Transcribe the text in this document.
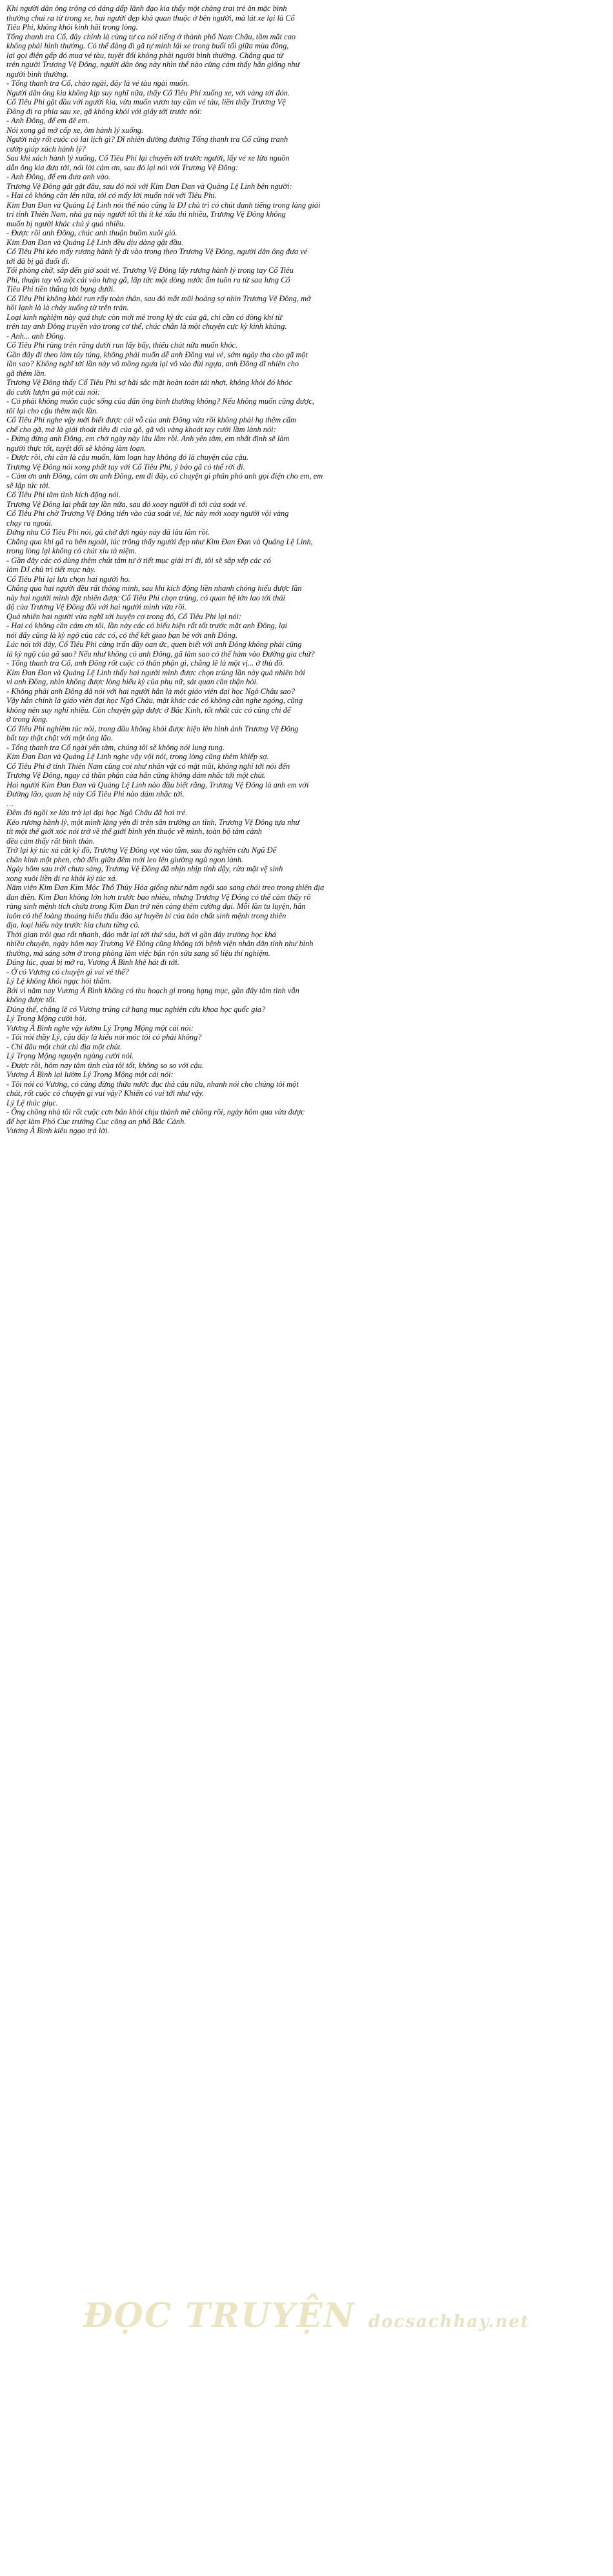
ÐỌC TRUYỆN docsachhay.net

Khi người dân ông trông có dáng dấp lãnh đạo kia thấy một chàng trai trẻ ăn mặc bình

thường chui ra từ trong xe, hai người đẹp khả quan thuộc ở bên người, mà lát xe lại là Cổ

Tiêu Phi, không khỏi kinh hãi trong lòng.

Tổng thanh tra Cổ, đây chính là cùng tư ca nói tiếng ở thành phố Nam Châu, tầm mắt cao

không phải hình thường. Có thể đàng đi gã tự minh lái xe trong buổi tối giữa mùa đông,

lại gọi điện gấp đó mua vé tàu, tuyệt đối không phải người bình thường. Chẳng qua từ

trên người Trương Vệ Đông, người dân ông này nhìn thế nào cũng cảm thấy hắn giống như

người bình thường.

- Tổng thanh tra Cổ, chào ngài, đây là vé tàu ngài muốn.

Người dân ông kia không kịp suy nghĩ nữa, thấy Cổ Tiêu Phi xuống xe, với vàng tới đón.

Cổ Tiêu Phi gật đầu với người kia, vừa muốn vươn tay cầm vé tàu, liền thấy Trương Vệ

Đông đi ra phía sau xe, gã không khói với giây tới trước nói:

- Anh Đông, để em đê em.

Nói xong gã mở cốp xe, ôm hành lý xuống.

Người này rốt cuộc có lai lịch gì? Dĩ nhiên đường đường Tổng thanh tra Cổ cũng tranh

cướp giúp xách hành lý?

Sau khi xách hành lý xuống, Cổ Tiêu Phi lại chuyển tới trước người, lấy vé xe lửa nguồn

dẫn ông kia đưa tới, nói lời cảm ơn, sau đó lại nói với Trương Vệ Đông:

- Anh Đông, để em đưa anh vào.

Trương Vệ Đông gật gật đầu, sau đó nói với Kim Đan Đan và Quảng Lệ Linh bên người:

- Hai cô không cần lên nữa, tôi có mấy lời muốn nói với Tiêu Phi.

Kim Đan Đan và Quảng Lệ Linh nói thế nào cũng là DJ chủ trì có chút danh tiếng trong làng giải

trí tỉnh Thiên Nam, nhà ga này người tốt thì ít kẻ xấu thì nhiều, Trương Vệ Đông không

muốn bị người khác chú ý quá nhiều.

- Được rồi anh Đông, chúc anh thuận buồm xuôi gió.

Kim Đan Đan và Quảng Lệ Linh đều dịu dàng gật đầu.

Cổ Tiêu Phi kéo mấy rương hành lý đi vào trong theo Trương Vệ Đông, người dân ông đưa vé

tới đã bị gã đuổi đi.

Tối phòng chờ, sắp đến giờ soát vé. Trương Vệ Đông lấy rương hành lý trong tay Cổ Tiêu

Phi, thuận tay vỗ một cái vào lưng gã, lấp tức một dòng nước ấm tuôn ra từ sau lưng Cổ

Tiêu Phi tiền thẳng tới bụng dưới.

Cổ Tiêu Phi không khỏi run rẩy toàn thân, sau đó mắt mũi hoảng sợ nhìn Trương Vệ Đông, mở

hồi lạnh là là chảy xuống từ trên trán.

Loại kinh nghiệm này quá thực còn mới mẻ trong kỷ ức của gã, chi cần có dòng khí từ

trên tay anh Đông truyền vào trong cơ thể, chúc chắn là một chuyện cực kỳ kinh khủng.

- Anh... anh Đông.

Cổ Tiêu Phi rùng trên răng dưới run lấy bấy, thiếu chút nữa muốn khóc.

Gần đây đi theo làm túy túng, không phải muốn dễ anh Đông vui vẻ, sớm ngày tha cho gã một

lần sao? Không nghĩ tới lần này vô mồng ngưa lại vô vào đùi ngựa, anh Đông dĩ nhiên cho

gã thêm lần.

Trương Vệ Đông thấy Cổ Tiêu Phi sợ hãi sắc mặt hoàn toàn tái nhợt, không khỏi đó khóc

đó cười lượm gã một cái nói:

- Có phải không muốn cuộc sống của dân ông bình thường không? Nếu không muốn cũng được,

tôi lại cho cậu thêm một lần.

Cổ Tiêu Phi nghe vậy mới biết được cái vỗ của anh Đông vừa rồi không phải hạ thêm cấm

chế cho gã, mà là giải thoát tiêu đi của gõ, gã vội vàng khoát tay cười lầm lành nói:

- Đừng đừng anh Đông, em chờ ngày này lâu lắm rồi. Anh yên tâm, em nhất định sẽ làm

người thực tốt, tuyệt đối sẽ không làm loạn.

- Được rồi, chi cần là cậu muốn, làm loạn hay không đó là chuyện của cậu.

Trương Vệ Đông nói xong phất tay với Cổ Tiêu Phi, ý bảo gã có thể rời đi.

- Cảm ơn anh Đông, cảm ơn anh Đông, em đi đây, có chuyện gì phân phó anh gọi điện cho em, em

sẽ lập tức tới.

Cổ Tiêu Phi tâm tình kích động nói.

Trương Vệ Đông lại phất tay lần nữa, sau đó xoay người đi tới của soát vé.

Cổ Tiêu Phi chờ Trương Vệ Đông tiến vào của soát vé, lúc này mới xoay người vội vàng

chạy ra ngoài.

Đứng nhu Cổ Tiêu Phi nói, gã chờ đợi ngày này đã lâu lắm rồi.

Chẳng qua khi gã ra bên ngoài, lúc trông thấy người đẹp như Kim Đan Đan và Quảng Lệ Linh,

trong lòng lại không có chút xíu tà niệm.

- Gần đây các có dùng thêm chút tâm tư ở tiết mục giải trí đi, tôi sẽ sắp xếp các có

làm DJ chủ trì tiết mục này.

Cổ Tiêu Phi lại lựa chọn hai người ho.

Chẳng qua hai người đều rất thông minh, sau khi kích động liền nhanh chóng hiểu được lần

này hai người mình đặt nhiên được Cổ Tiêu Phi chọn trúng, có quan hệ lớn lao tới thái

độ của Trương Vệ Đông đối với hai người mình vừa rồi.

Quả nhiên hai người vừa nghĩ tới huyện cơ trong đó, Cổ Tiêu Phi lại nói:

- Hai có không cần cảm ơn tôi, lần này các có biểu hiện rất tốt trước mặt anh Đông, lại

nói đấy cũng là kỳ ngộ của các có, có thể kết giao bạn bè với anh Đông.

Lúc nói tới đây, Cổ Tiêu Phi cũng trấn đầy oan ức, quen biết với anh Đông không phải cũng

là kỳ ngộ của gã sao? Nếu như không có anh Đông, gã làm sao có thể hảm vào Đường gia chứ?

- Tổng thanh tra Cổ, anh Đông rốt cuộc có thân phận gì, chẳng lẽ là một vị... ở thù đồ.

Kim Đan Đan và Quảng Lệ Linh thấy hai người mình được chọn trúng lần này quả nhiên bởi

vì anh Đông, nhìn không được lòng hiếu kỳ của phụ nữ, sát quan cần thận hỏi.

- Không phải anh Đông đã nói với hai người hắn là một giáo viên đại học Ngô Châu sao?

Vậy hắn chính là giáo viên đại học Ngô Châu, mặt khác các có không cần nghe ngóng, cũng

không nên suy nghĩ nhiều. Còn chuyện gặp được ở Bắc Kinh, tốt nhất các có cũng chi để

ở trong lòng.

Cổ Tiêu Phi nghiêm túc nói, trong đầu không khỏi được hiện lên hình ảnh Trương Vệ Đông

bất tay thật chặt với một ông lão.

- Tổng thanh tra Cổ ngài yên tâm, chúng tôi sẽ không nói lung tung.

Kim Đan Đan và Quảng Lệ Linh nghe vậy vội nói, trong lòng cũng thêm khiếp sợ.

Cổ Tiêu Phi ở tỉnh Thiên Nam cũng coi như nhân vật có mặt mũi, không nghĩ tới nói đến

Trương Vệ Đông, ngay cả thần phận của hắn cũng không dám nhắc tới một chút.

Hai người Kim Đan Đan và Quảng Lệ Linh nào đầu biết rằng, Trương Vệ Đông là anh em với

Đường lão, quan hệ này Cổ Tiêu Phi nào dám nhắc tới.

...

Đêm đó ngồi xe lửa trở lại đại học Ngô Châu đã hơi trẻ.

Kéo rương hành lý, một mình lặng yên đi trên sân trường an tĩnh, Trương Vệ Đông tựa như

tít một thế giới xóc nói trở về thế giới bình yên thuộc về mình, toàn bộ tâm cảnh

đều cảm thấy rất bình thản.

Trở lại ký túc xá cất ký đồ, Trương Vệ Đông vọt vào tắm, sau đó nghiên cứu Ngũ Đế

chân kinh một phen, chờ đến giữa đêm mới leo lên giường ngủ ngon lành.

Ngày hôm sau trời chưa sáng, Trương Vệ Đông đã nhịn nhịp tỉnh dậy, rửa mặt vệ sinh

xong xuôi liền đi ra khỏi ký túc xá.

Năm viên Kim Đan Kim Mộc Thổ Thủy Hỏa giống như nằm ngổi sao sang chói treo trong thiên địa

đan điền. Kim Đan không lớn hơn trước bao nhiêu, nhưng Trương Vệ Đông có thể cảm thấy rõ

ràng sinh mệnh tích chứa trong Kim Đan trở nên càng thêm cường đại. Mỗi lần tu luyện, hắn

luôn có thể loàng thoáng hiểu thấu đảo sự huyền bí của bản chất sinh mệnh trong thiên

địa, loại hiểu này trước kia chưa từng có.

Thời gian trôi qua rất nhanh, đảo mắt lại tới thứ sáu, bởi vì gần đây trường học khá

nhiều chuyện, ngày hôm nay Trương Vệ Đông cũng không tới bệnh viện nhân dân tỉnh như bình

thường, mà sáng sớm ở trong phòng làm việc bận rộn sửa sang số liệu thí nghiệm.

Đúng lúc, quai bị mở ra, Vương Á Bình khẽ hát đi tới.

- Ở có Vương có chuyện gì vui vẻ thế?

Lý Lệ không khói ngạc hỏi thăm.

Bởi vì năm nay Vương Á Bình không có thu hoạch gì trong hạng mục, gần đây tâm tình vẫn

không được tốt.

Đúng thế, chẳng lẽ có Vương trúng cứ hạng mục nghiên cứu khoa học quốc gia?

Lý Trong Mộng cười hỏi.

Vương Á Bình nghe vậy lườm Lý Trọng Mộng một cái nói:

- Tôi nói thầy Lý, cậu đây là kiểu nói móc tôi có phải không?

- Chi đâu một chút chi địa một chút.

Lý Trọng Mộng nguyện ngùng cười nói.

- Được rồi, hôm nay tâm tình của tôi tốt, không so so với cậu.

Vương Á Bình lại lườm Lý Trọng Mộng một cái nói:

- Tôi nói có Vương, có cũng đừng thừa nước đục thả câu nữa, nhanh nói cho chúng tôi một

chút, rốt cuộc có chuyện gì vui vậy? Khiến có vui tới như vậy.

Lý Lệ thúc giục.

- Ông chồng nhà tôi rốt cuộc cơn bản khỏi chịu thành mẽ chồng rồi, ngày hôm qua vừa được

để bạt làm Phó Cục trưởng Cục công an phố Bắc Cảnh.

Vương Á Bình kiêu ngạo trả lời.
